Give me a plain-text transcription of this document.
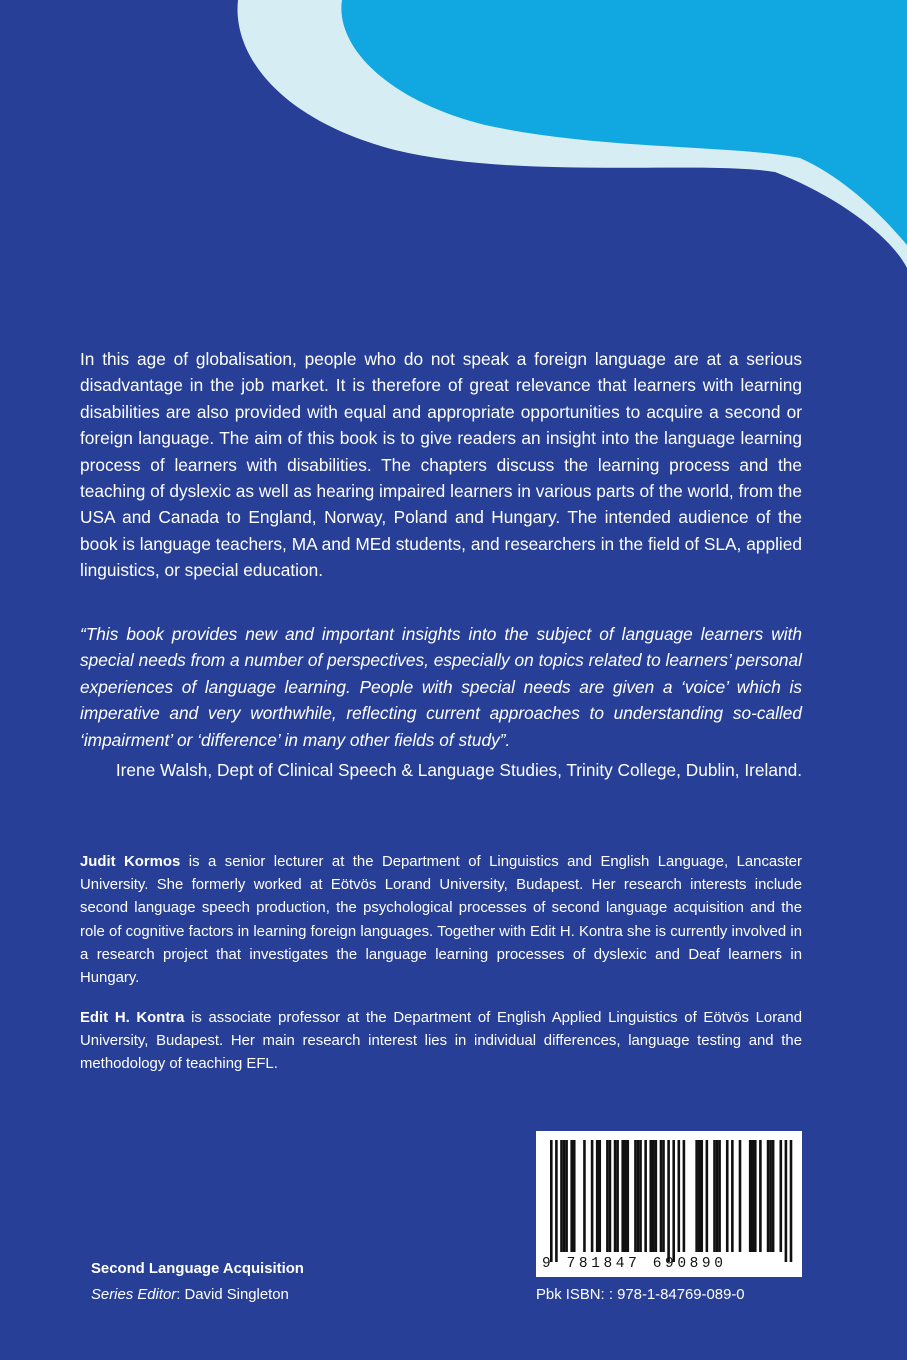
In this age of globalisation, people who do not speak a foreign language are at a serious disadvantage in the job market. It is therefore of great relevance that learners with learning disabilities are also provided with equal and appropriate opportunities to acquire a second or foreign language. The aim of this book is to give readers an insight into the language learning process of learners with disabilities. The chapters discuss the learning process and the teaching of dyslexic as well as hearing impaired learners in various parts of the world, from the USA and Canada to England, Norway, Poland and Hungary. The intended audience of the book is language teachers, MA and MEd students, and researchers in the field of SLA, applied linguistics, or special education.

“This book provides new and important insights into the subject of language learners with special needs from a number of perspectives, especially on topics related to learners’ personal experiences of language learning. People with special needs are given a ‘voice’ which is imperative and very worthwhile, reflecting current approaches to understanding so-called ‘impairment’ or ‘difference’ in many other fields of study”.

Irene Walsh, Dept of Clinical Speech & Language Studies, Trinity College, Dublin, Ireland.

Judit Kormos is a senior lecturer at the Department of Linguistics and English Language, Lancaster University. She formerly worked at Eötvös Lorand University, Budapest. Her research interests include second language speech production, the psychological processes of second language acquisition and the role of cognitive factors in learning foreign languages. Together with Edit H. Kontra she is currently involved in a research project that investigates the language learning processes of dyslexic and Deaf learners in Hungary.

Edit H. Kontra is associate professor at the Department of English Applied Linguistics of Eötvös Lorand University, Budapest. Her main research interest lies in individual differences, language testing and the methodology of teaching EFL.

Second Language Acquisition
Series Editor: David Singleton
9 781847 690890
Pbk ISBN: : 978-1-84769-089-0
